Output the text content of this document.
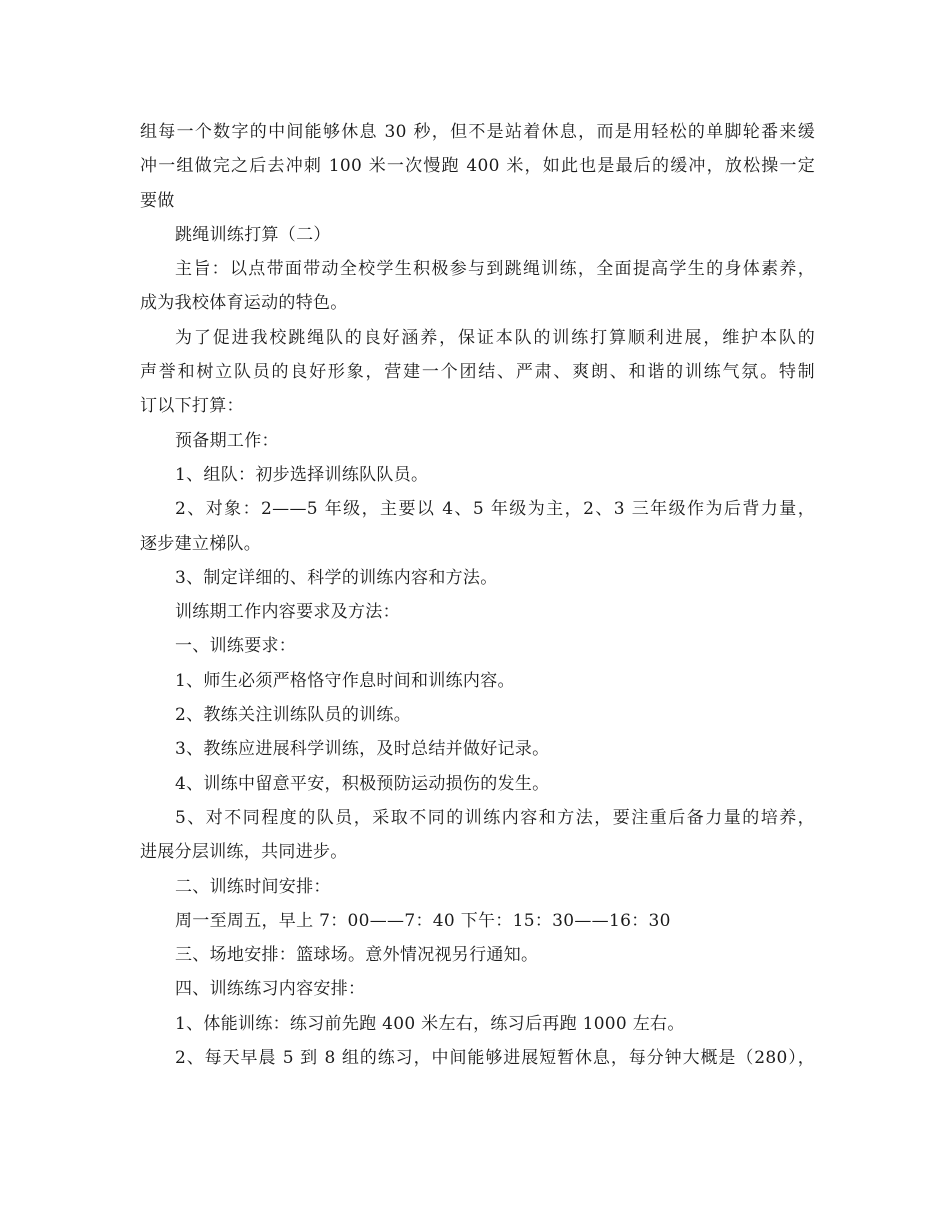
组每一个数字的中间能够休息 30 秒，但不是站着休息，而是用轻松的单脚轮番来缓
冲一组做完之后去冲刺 100 米一次慢跑 400 米，如此也是最后的缓冲，放松操一定
要做
跳绳训练打算（二）
主旨：以点带面带动全校学生积极参与到跳绳训练，全面提高学生的身体素养，
成为我校体育运动的特色。
为了促进我校跳绳队的良好涵养，保证本队的训练打算顺利进展，维护本队的
声誉和树立队员的良好形象，营建一个团结、严肃、爽朗、和谐的训练气氛。特制
订以下打算：
预备期工作：
1、组队：初步选择训练队队员。
2、对象：2——5 年级，主要以 4、5 年级为主，2、3 三年级作为后背力量，
逐步建立梯队。
3、制定详细的、科学的训练内容和方法。
训练期工作内容要求及方法：
一、训练要求：
1、师生必须严格恪守作息时间和训练内容。
2、教练关注训练队员的训练。
3、教练应进展科学训练，及时总结并做好记录。
4、训练中留意平安，积极预防运动损伤的发生。
5、对不同程度的队员，采取不同的训练内容和方法，要注重后备力量的培养，
进展分层训练，共同进步。
二、训练时间安排：
周一至周五，早上 7：00——7：40 下午：15：30——16：30
三、场地安排：篮球场。意外情况视另行通知。
四、训练练习内容安排：
1、体能训练：练习前先跑 400 米左右，练习后再跑 1000 左右。
2、每天早晨 5 到 8 组的练习，中间能够进展短暂休息，每分钟大概是（280），
